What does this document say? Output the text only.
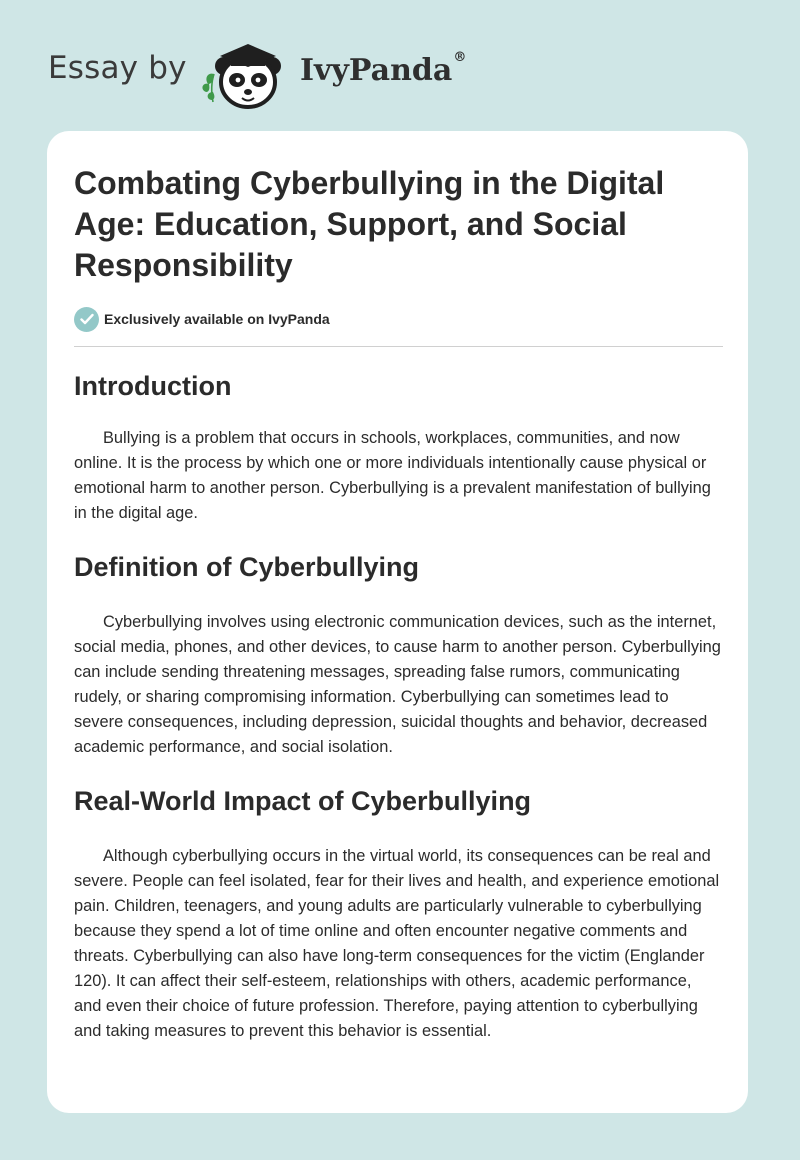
Essay by	IvyPanda®
Combating Cyberbullying in the Digital Age: Education, Support, and Social Responsibility
Exclusively available on IvyPanda
Introduction

Bullying is a problem that occurs in schools, workplaces, communities, and now online. It is the process by which one or more individuals intentionally cause physical or emotional harm to another person. Cyberbullying is a prevalent manifestation of bullying in the digital age.

Definition of Cyberbullying

Cyberbullying involves using electronic communication devices, such as the internet, social media, phones, and other devices, to cause harm to another person. Cyberbullying can include sending threatening messages, spreading false rumors, communicating rudely, or sharing compromising information. Cyberbullying can sometimes lead to severe consequences, including depression, suicidal thoughts and behavior, decreased academic performance, and social isolation.

Real-World Impact of Cyberbullying

Although cyberbullying occurs in the virtual world, its consequences can be real and severe. People can feel isolated, fear for their lives and health, and experience emotional pain. Children, teenagers, and young adults are particularly vulnerable to cyberbullying because they spend a lot of time online and often encounter negative comments and threats. Cyberbullying can also have long-term consequences for the victim (Englander 120). It can affect their self-esteem, relationships with others, academic performance, and even their choice of future profession. Therefore, paying attention to cyberbullying and taking measures to prevent this behavior is essential.
